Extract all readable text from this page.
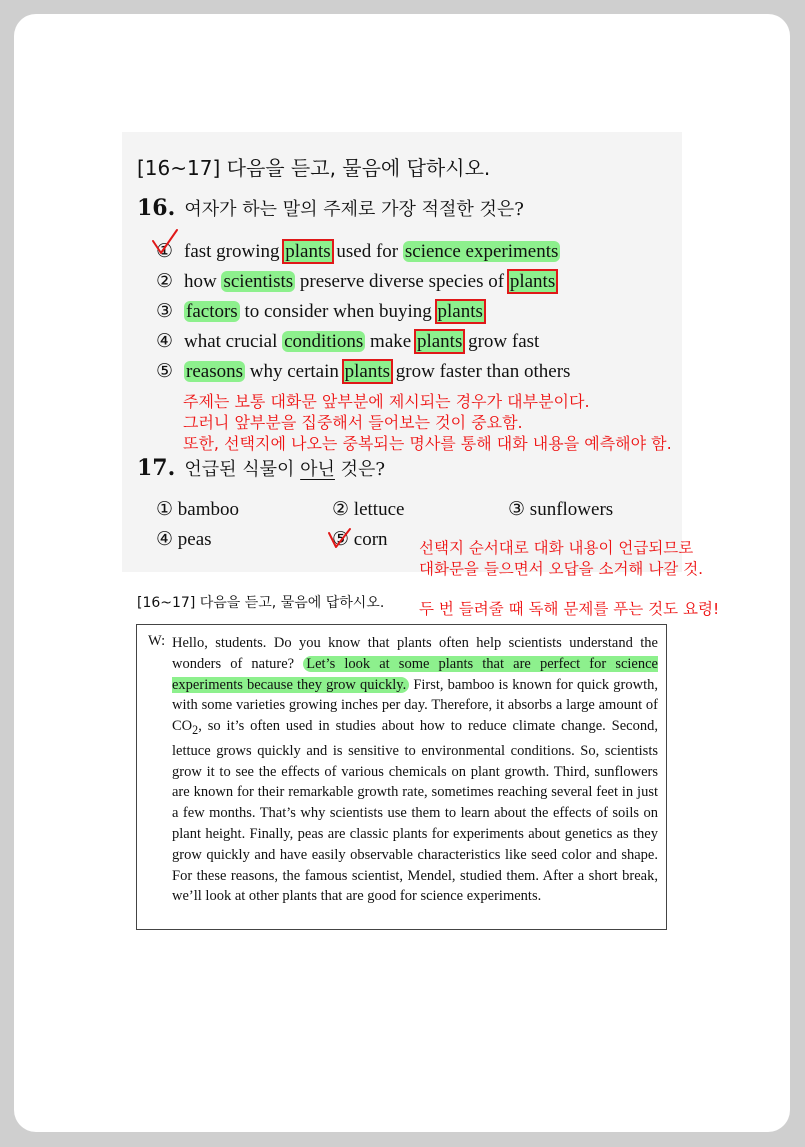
[16~17] 다음을 듣고, 물음에 답하시오.
16. 여자가 하는 말의 주제로 가장 적절한 것은?
① fast growing plants used for science experiments
② how scientists preserve diverse species of plants
③ factors to consider when buying plants
④ what crucial conditions make plants grow fast
⑤ reasons why certain plants grow faster than others
주제는 보통 대화문 앞부분에 제시되는 경우가 대부분이다.
그러니 앞부분을 집중해서 들어보는 것이 중요함.
또한, 선택지에 나오는 중복되는 명사를 통해 대화 내용을 예측해야 함.
17. 언급된 식물이 아닌 것은?
① bamboo	② lettuce	③ sunflowers
④ peas	⑤ corn 선택지 순서대로 대화 내용이 언급되므로
대화문을 들으면서 오답을 소거해 나갈 것.
두 번 들려줄 때 독해 문제를 푸는 것도 요령!
[16~17] 다음을 듣고, 물음에 답하시오.
W: Hello, students. Do you know that plants often help scientists understand the wonders of nature? Let’s look at some plants that are perfect for science experiments because they grow quickly. First, bamboo is known for quick growth, with some varieties growing inches per day. Therefore, it absorbs a large amount of $CO_2$, so it’s often used in studies about how to reduce climate change. Second, lettuce grows quickly and is sensitive to environmental conditions. So, scientists grow it to see the effects of various chemicals on plant growth. Third, sunflowers are known for their remarkable growth rate, sometimes reaching several feet in just a few months. That’s why scientists use them to learn about the effects of soils on plant height. Finally, peas are classic plants for experiments about genetics as they grow quickly and have easily observable characteristics like seed color and shape. For these reasons, the famous scientist, Mendel, studied them. After a short break, we’ll look at other plants that are good for science experiments.
